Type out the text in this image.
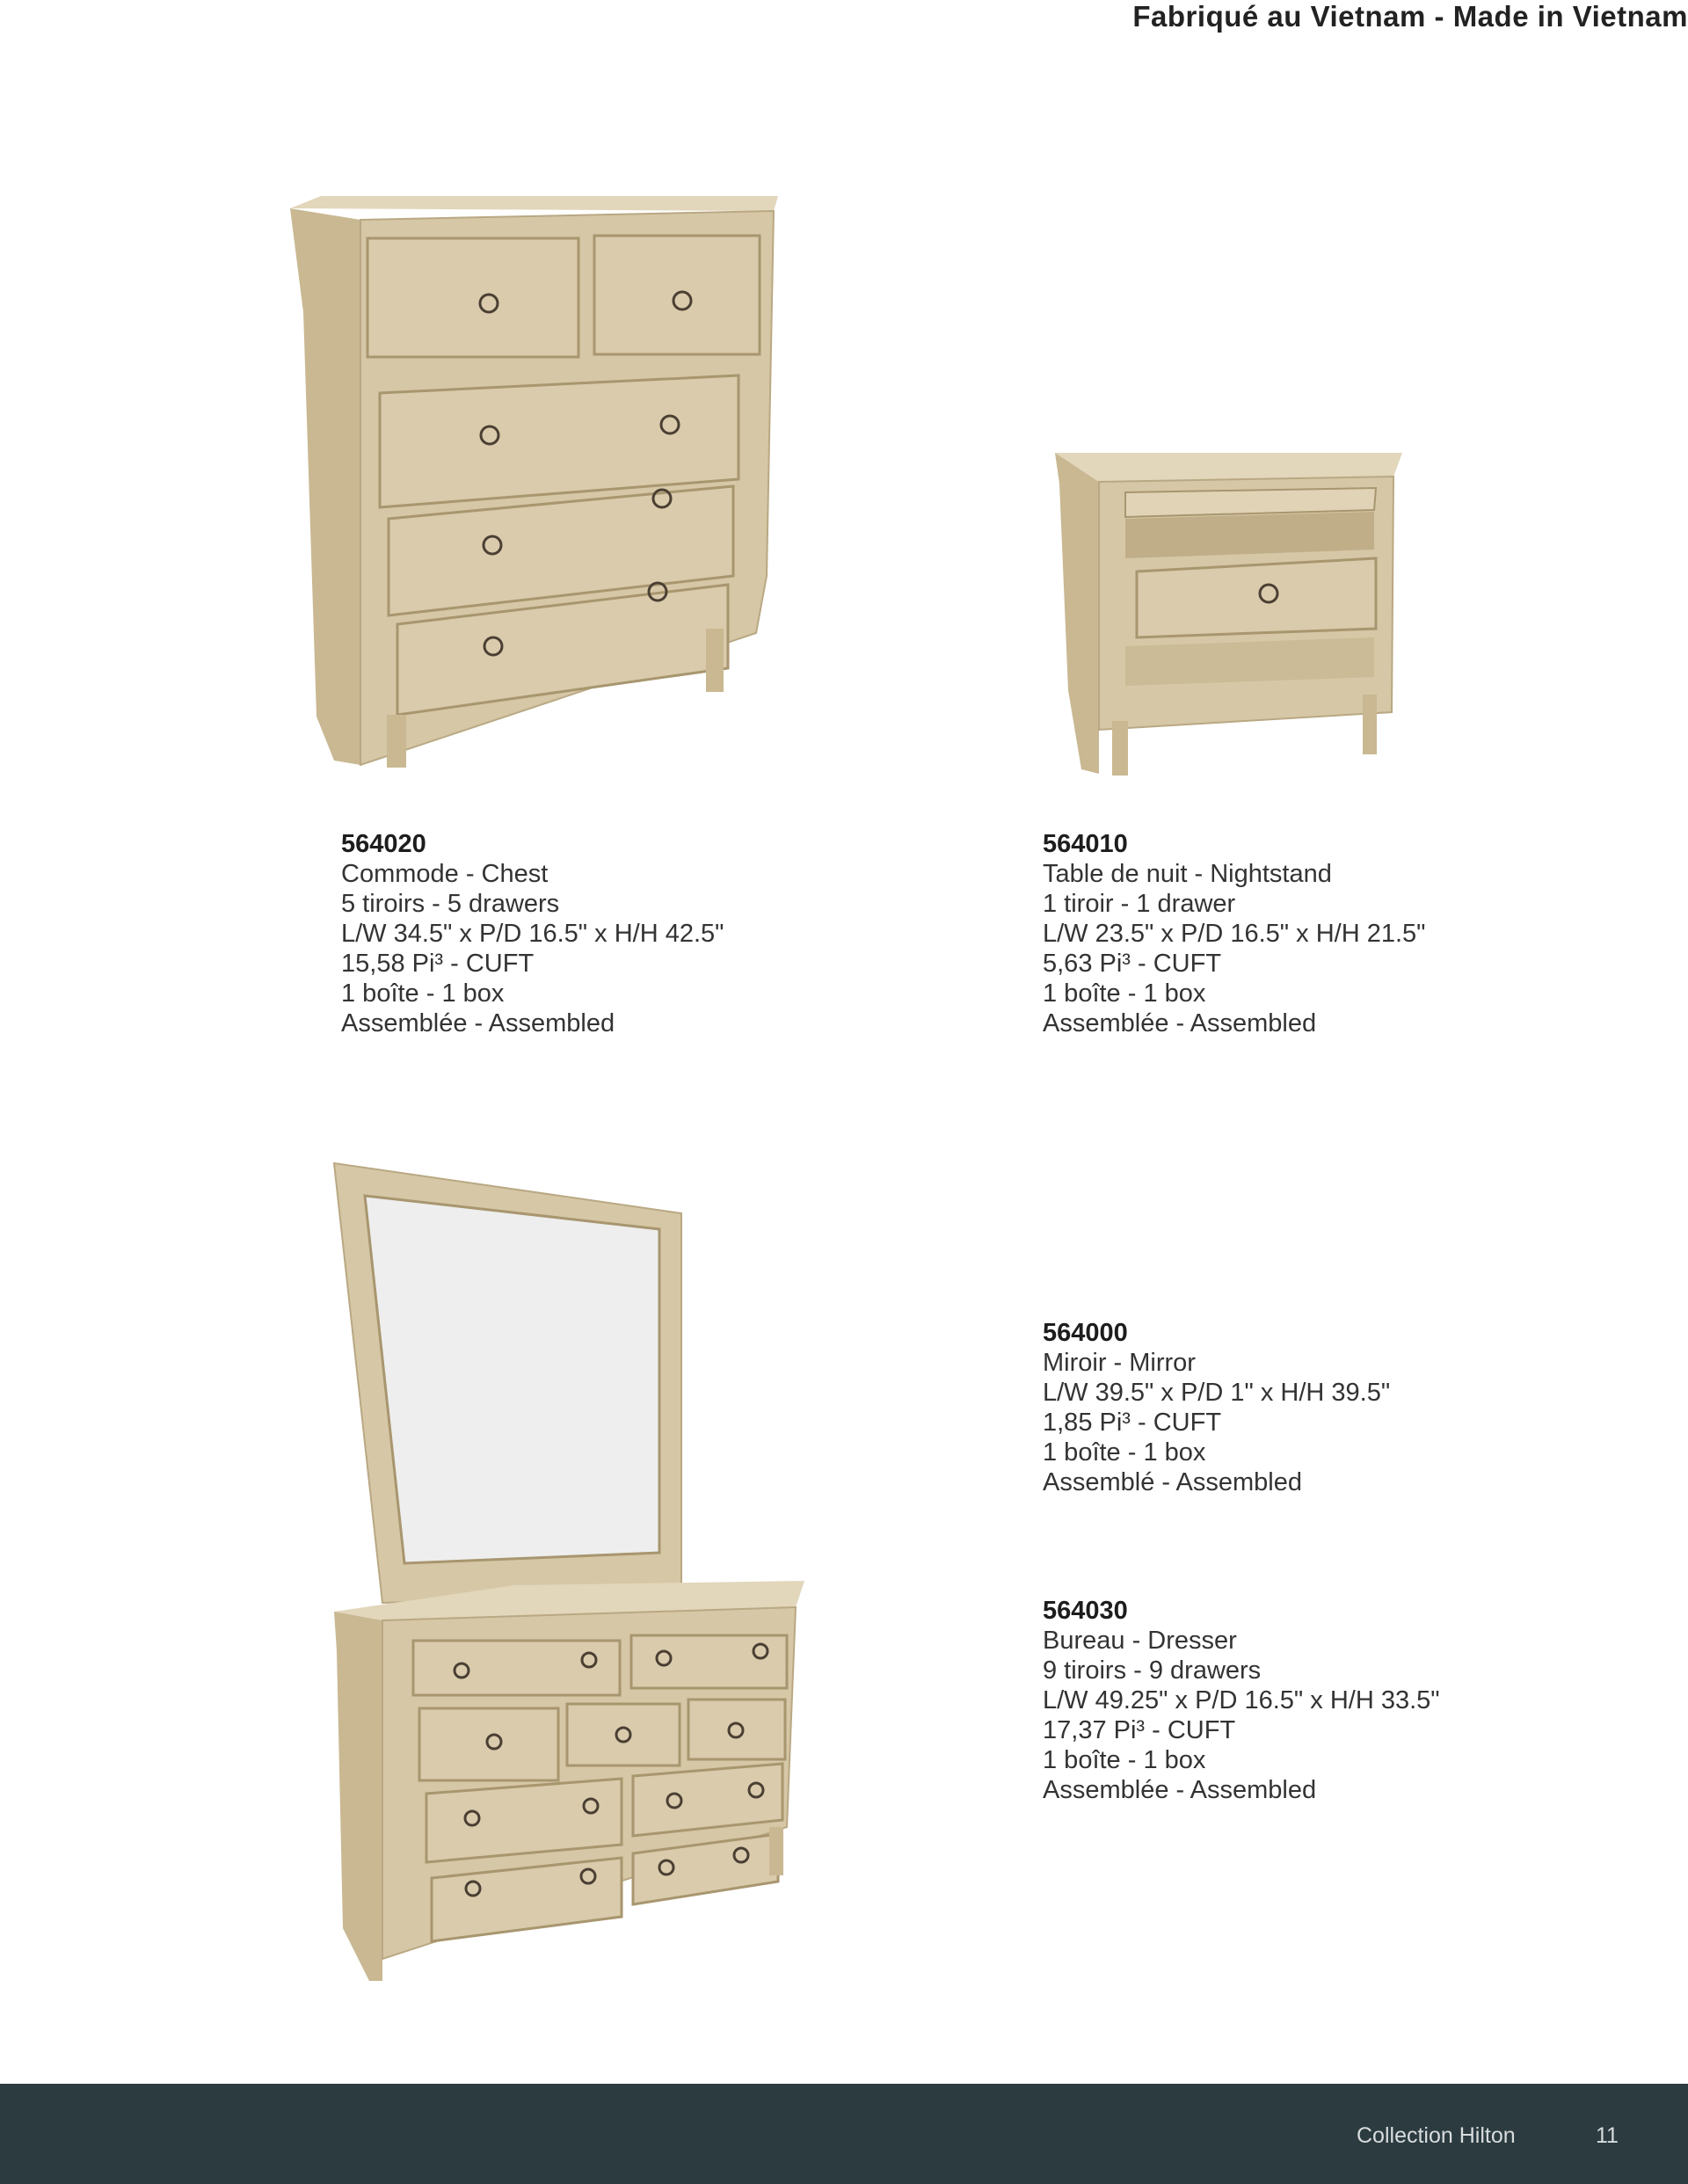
Fabriqué au Vietnam - Made in Vietnam
564020
Commode - Chest
5 tiroirs - 5 drawers
L/W 34.5" x P/D 16.5" x H/H 42.5"
15,58 Pi³ - CUFT
1 boîte - 1 box
Assemblée - Assembled
564010
Table de nuit - Nightstand
1 tiroir - 1 drawer
L/W 23.5" x P/D 16.5" x H/H 21.5"
5,63 Pi³ - CUFT
1 boîte - 1 box
Assemblée - Assembled
564000
Miroir - Mirror
L/W 39.5" x P/D 1" x H/H 39.5"
1,85 Pi³ - CUFT
1 boîte - 1 box
Assemblé - Assembled
564030
Bureau - Dresser
9 tiroirs - 9 drawers
L/W 49.25" x P/D 16.5" x H/H 33.5"
17,37 Pi³ - CUFT
1 boîte - 1 box
Assemblée - Assembled
Collection Hilton	11
